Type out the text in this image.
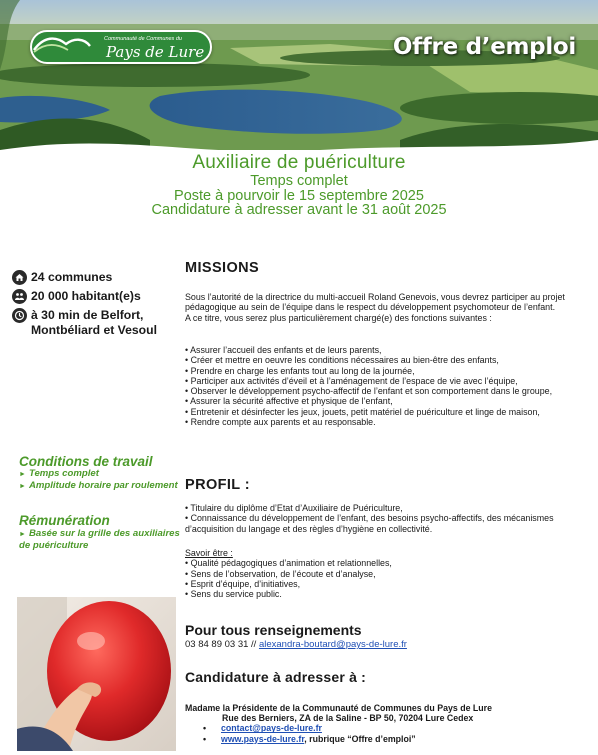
Communauté de Communes du
Pays de Lure	Offre d’emploi
Auxiliaire de puériculture
Temps complet
Poste à pourvoir le 15 septembre 2025
Candidature à adresser avant le 31 août 2025
24 communes
20 000 habitant(e)s
à 30 min de Belfort,
Montbéliard et Vesoul
Conditions de travail
► Temps complet
► Amplitude horaire par roulement
Rémunération

► Basée sur la grille des auxiliaires de puériculture

MISSIONS
Sous l’autorité de la directrice du multi-accueil Roland Genevois, vous devrez participer au projet pédagogique au sein de l’équipe dans le respect du développement psychomoteur de l’enfant.
A ce titre, vous serez plus particulièrement chargé(e) des fonctions suivantes :
• Assurer l’accueil des enfants et de leurs parents,
• Créer et mettre en oeuvre les conditions nécessaires au bien-être des enfants,
• Prendre en charge les enfants tout au long de la journée,
• Participer aux activités d’éveil et à l’aménagement de l’espace de vie avec l’équipe,
• Observer le développement psycho-affectif de l’enfant et son comportement dans le groupe,
• Assurer la sécurité affective et physique de l’enfant,
• Entretenir et désinfecter les jeux, jouets, petit matériel de puériculture et linge de maison,
• Rendre compte aux parents et au responsable.
PROFIL :
• Titulaire du diplôme d’Etat d’Auxiliaire de Puériculture,
• Connaissance du développement de l’enfant, des besoins psycho-affectifs, des mécanismes d’acquisition du langage et des règles d’hygiène en collectivité.
Savoir être :
• Qualité pédagogiques d’animation et relationnelles,
• Sens de l’observation, de l’écoute et d’analyse,
• Esprit d’équipe, d’initiatives,
• Sens du service public.
Pour tous renseignements
03 84 89 03 31 // alexandra-boutard@pays-de-lure.fr
Candidature à adresser à :
Madame la Présidente de la Communauté de Communes du Pays de Lure
Rue des Berniers, ZA de la Saline - BP 50, 70204 Lure Cedex
•	contact@pays-de-lure.fr
•	www.pays-de-lure.fr, rubrique “Offre d’emploi”
